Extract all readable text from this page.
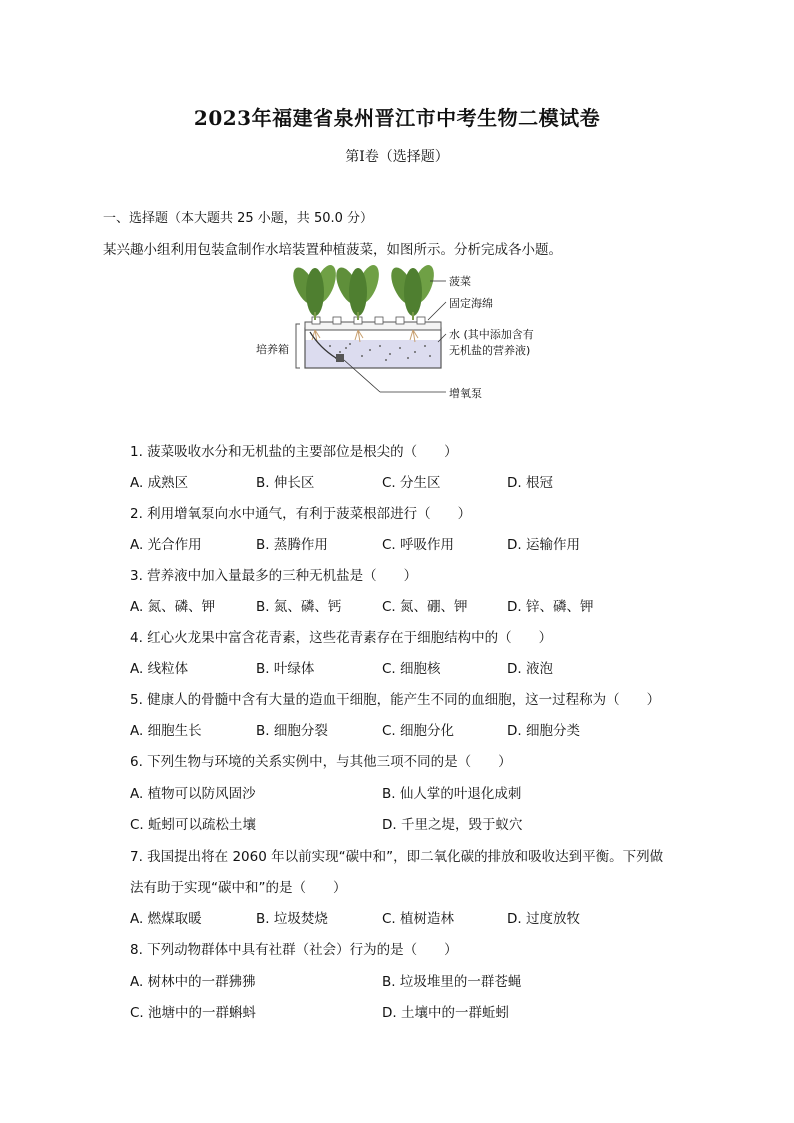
2023年福建省泉州晋江市中考生物二模试卷
第Ⅰ卷（选择题）
一、选择题（本大题共 25 小题，共 50.0 分）
某兴趣小组利用包装盒制作水培装置种植菠菜，如图所示。分析完成各小题。
菠菜
固定海绵
水 (其中添加含有
无机盐的营养液)
培养箱
增氧泵
1. 菠菜吸收水分和无机盐的主要部位是根尖的（　　）
A. 成熟区	B. 伸长区	C. 分生区	D. 根冠
2. 利用增氧泵向水中通气，有利于菠菜根部进行（　　）
A. 光合作用	B. 蒸腾作用	C. 呼吸作用	D. 运输作用
3. 营养液中加入量最多的三种无机盐是（　　）
A. 氮、磷、钾	B. 氮、磷、钙	C. 氮、硼、钾	D. 锌、磷、钾
4. 红心火龙果中富含花青素，这些花青素存在于细胞结构中的（　　）
A. 线粒体	B. 叶绿体	C. 细胞核	D. 液泡
5. 健康人的骨髓中含有大量的造血干细胞，能产生不同的血细胞，这一过程称为（　　）
A. 细胞生长	B. 细胞分裂	C. 细胞分化	D. 细胞分类
6. 下列生物与环境的关系实例中，与其他三项不同的是（　　）
A. 植物可以防风固沙	B. 仙人掌的叶退化成刺
C. 蚯蚓可以疏松土壤	D. 千里之堤，毁于蚁穴
7. 我国提出将在 2060 年以前实现“碳中和”，即二氧化碳的排放和吸收达到平衡。下列做
法有助于实现“碳中和”的是（　　）
A. 燃煤取暖	B. 垃圾焚烧	C. 植树造林	D. 过度放牧
8. 下列动物群体中具有社群（社会）行为的是（　　）
A. 树林中的一群狒狒	B. 垃圾堆里的一群苍蝇
C. 池塘中的一群蝌蚪	D. 土壤中的一群蚯蚓
